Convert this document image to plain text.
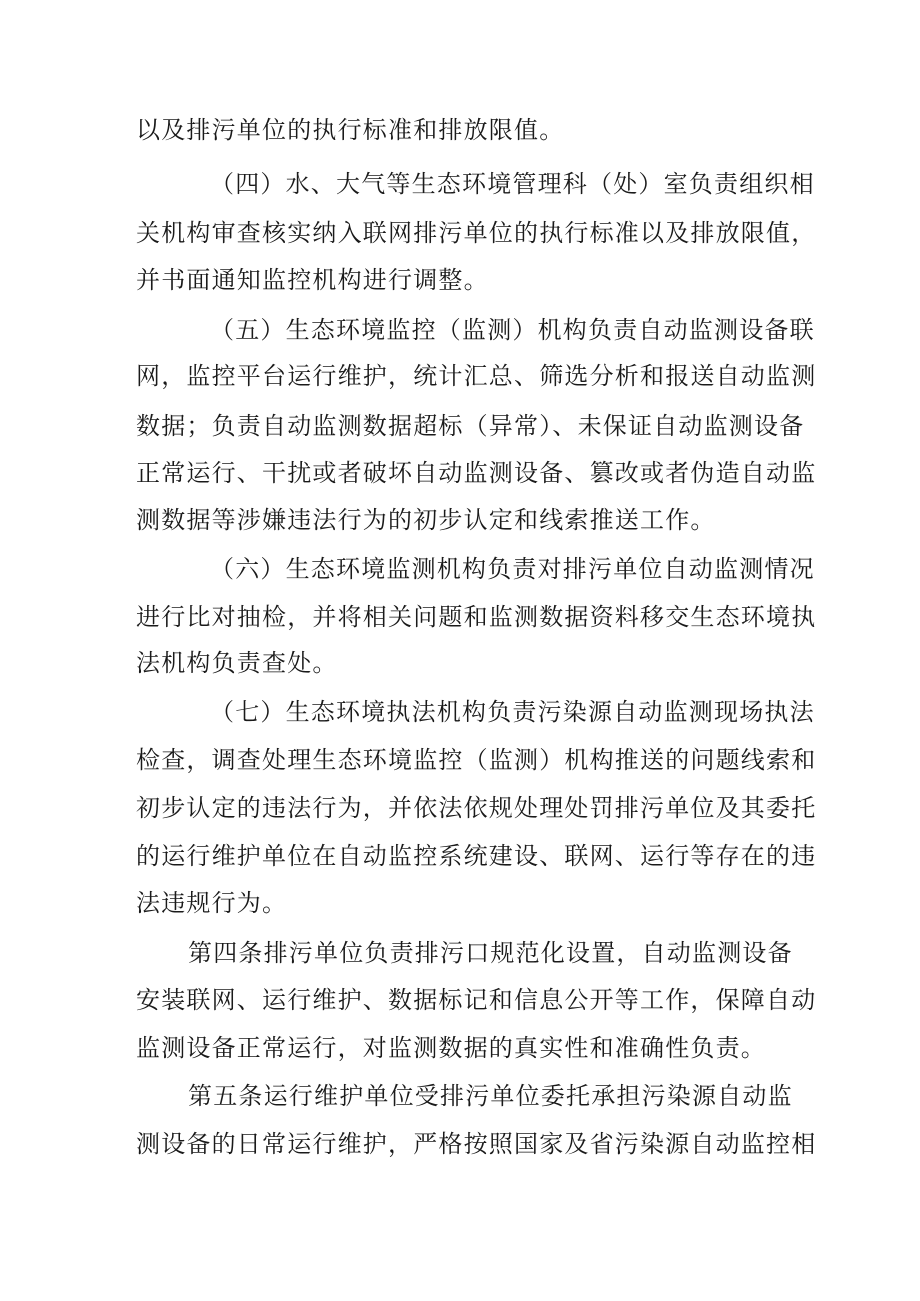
以及排污单位的执行标准和排放限值。
（四）水、大气等生态环境管理科（处）室负责组织相
关机构审查核实纳入联网排污单位的执行标准以及排放限值，
并书面通知监控机构进行调整。
（五）生态环境监控（监测）机构负责自动监测设备联
网，监控平台运行维护，统计汇总、筛选分析和报送自动监测
数据；负责自动监测数据超标（异常）、未保证自动监测设备
正常运行、干扰或者破坏自动监测设备、篡改或者伪造自动监
测数据等涉嫌违法行为的初步认定和线索推送工作。
（六）生态环境监测机构负责对排污单位自动监测情况
进行比对抽检，并将相关问题和监测数据资料移交生态环境执
法机构负责查处。
（七）生态环境执法机构负责污染源自动监测现场执法
检查，调查处理生态环境监控（监测）机构推送的问题线索和
初步认定的违法行为，并依法依规处理处罚排污单位及其委托
的运行维护单位在自动监控系统建设、联网、运行等存在的违
法违规行为。
第四条排污单位负责排污口规范化设置，自动监测设备
安装联网、运行维护、数据标记和信息公开等工作，保障自动
监测设备正常运行，对监测数据的真实性和准确性负责。
第五条运行维护单位受排污单位委托承担污染源自动监
测设备的日常运行维护，严格按照国家及省污染源自动监控相
